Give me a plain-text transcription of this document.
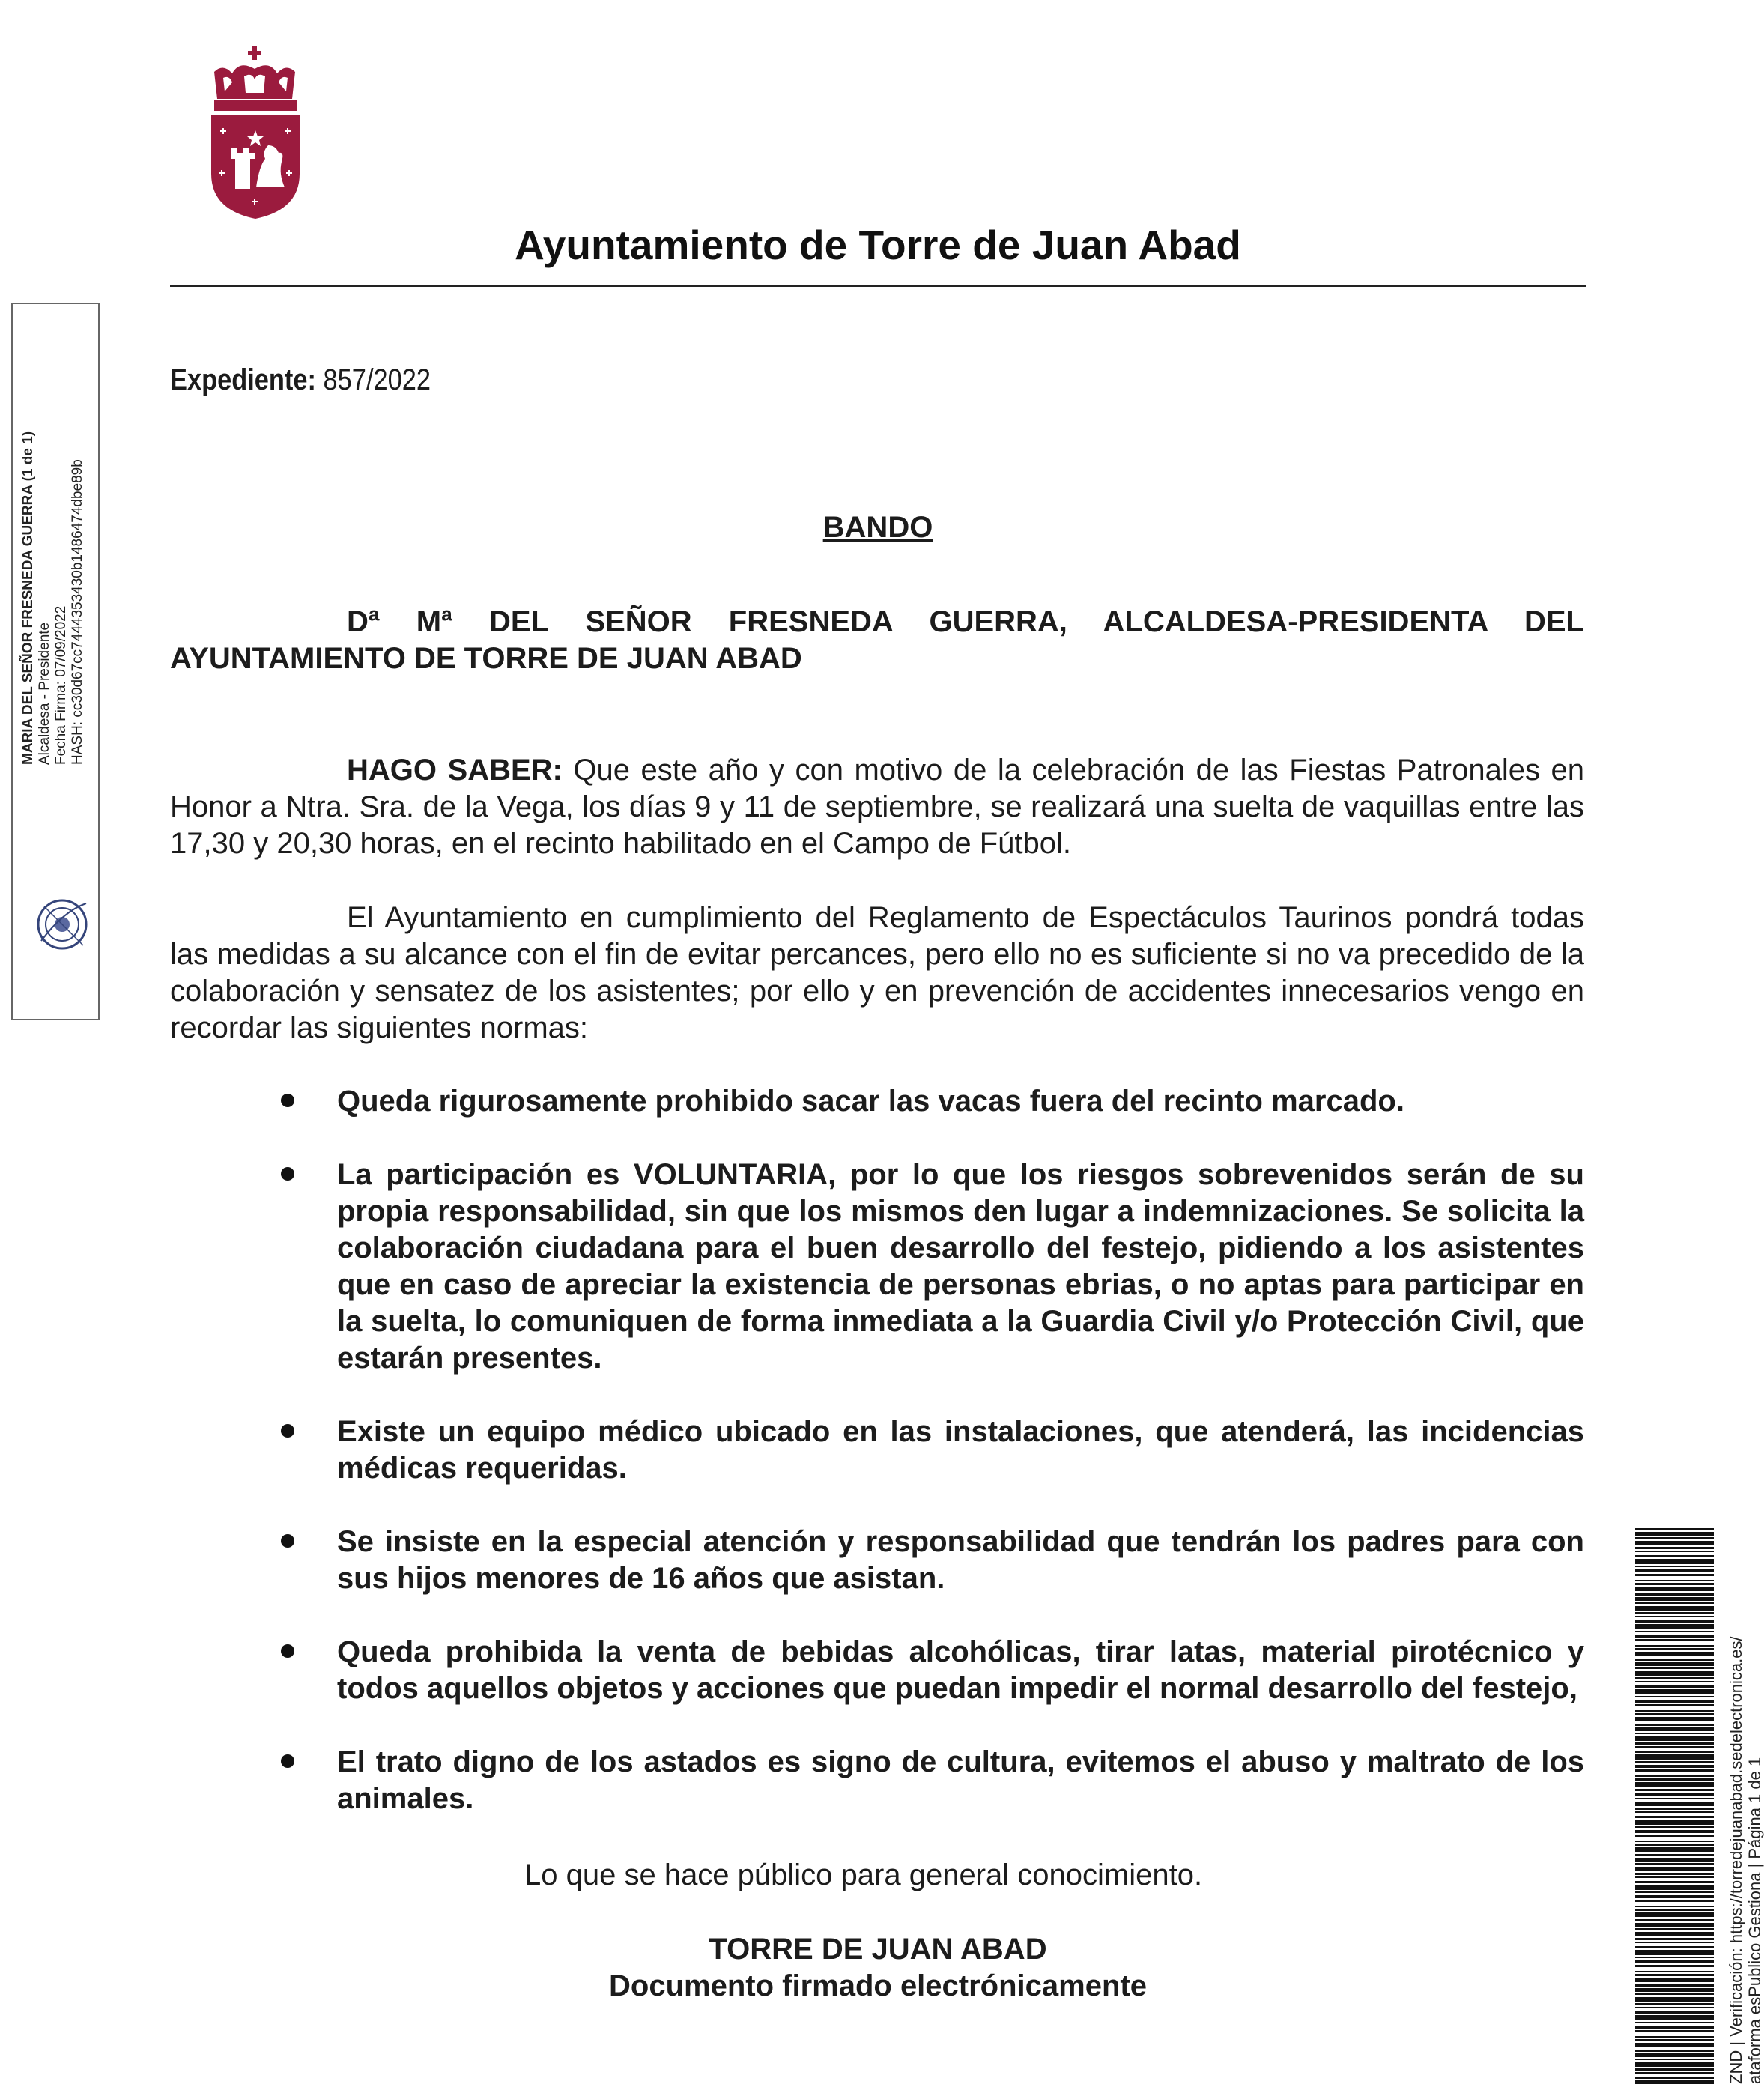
Ayuntamiento de Torre de Juan Abad
MARIA DEL SEÑOR FRESNEDA GUERRA (1 de 1) Alcaldesa - Presidente Fecha Firma: 07/09/2022 HASH: cc30d67cc7444353430b1486474dbe89b
Expediente: 857/2022
BANDO
Dª Mª DEL SEÑOR FRESNEDA GUERRA, ALCALDESA-PRESIDENTA DEL AYUNTAMIENTO DE TORRE DE JUAN ABAD
HAGO SABER: Que este año y con motivo de la celebración de las Fiestas Patronales en Honor a Ntra. Sra. de la Vega, los días 9 y 11 de septiembre, se realizará una suelta de vaquillas entre las 17,30 y 20,30 horas, en el recinto habilitado en el Campo de Fútbol.
El Ayuntamiento en cumplimiento del Reglamento de Espectáculos Taurinos pondrá todas las medidas a su alcance con el fin de evitar percances, pero ello no es suficiente si no va precedido de la colaboración y sensatez de los asistentes; por ello y en prevención de accidentes innecesarios vengo en recordar las siguientes normas:
Queda rigurosamente prohibido sacar las vacas fuera del recinto marcado.
La participación es VOLUNTARIA, por lo que los riesgos sobrevenidos serán de su propia responsabilidad, sin que los mismos den lugar a indemnizaciones. Se solicita la colaboración ciudadana para el buen desarrollo del festejo, pidiendo a los asistentes que en caso de apreciar la existencia de personas ebrias, o no aptas para participar en la suelta, lo comuniquen de forma inmediata a la Guardia Civil y/o Protección Civil, que estarán presentes.
Existe un equipo médico ubicado en las instalaciones, que atenderá, las incidencias médicas requeridas.
Se insiste en la especial atención y responsabilidad que tendrán los padres para con sus hijos menores de 16 años que asistan.
Queda prohibida la venta de bebidas alcohólicas, tirar latas, material pirotécnico y todos aquellos objetos y acciones que puedan impedir el normal desarrollo del festejo,
El trato digno de los astados es signo de cultura, evitemos el abuso y maltrato de los animales.
Lo que se hace público para general conocimiento.
TORRE DE JUAN ABAD
Documento firmado electrónicamente	ZND | Verificación: https://torredejuanabad.sedelectronica.es/ ataforma esPublico Gestiona | Página 1 de 1
